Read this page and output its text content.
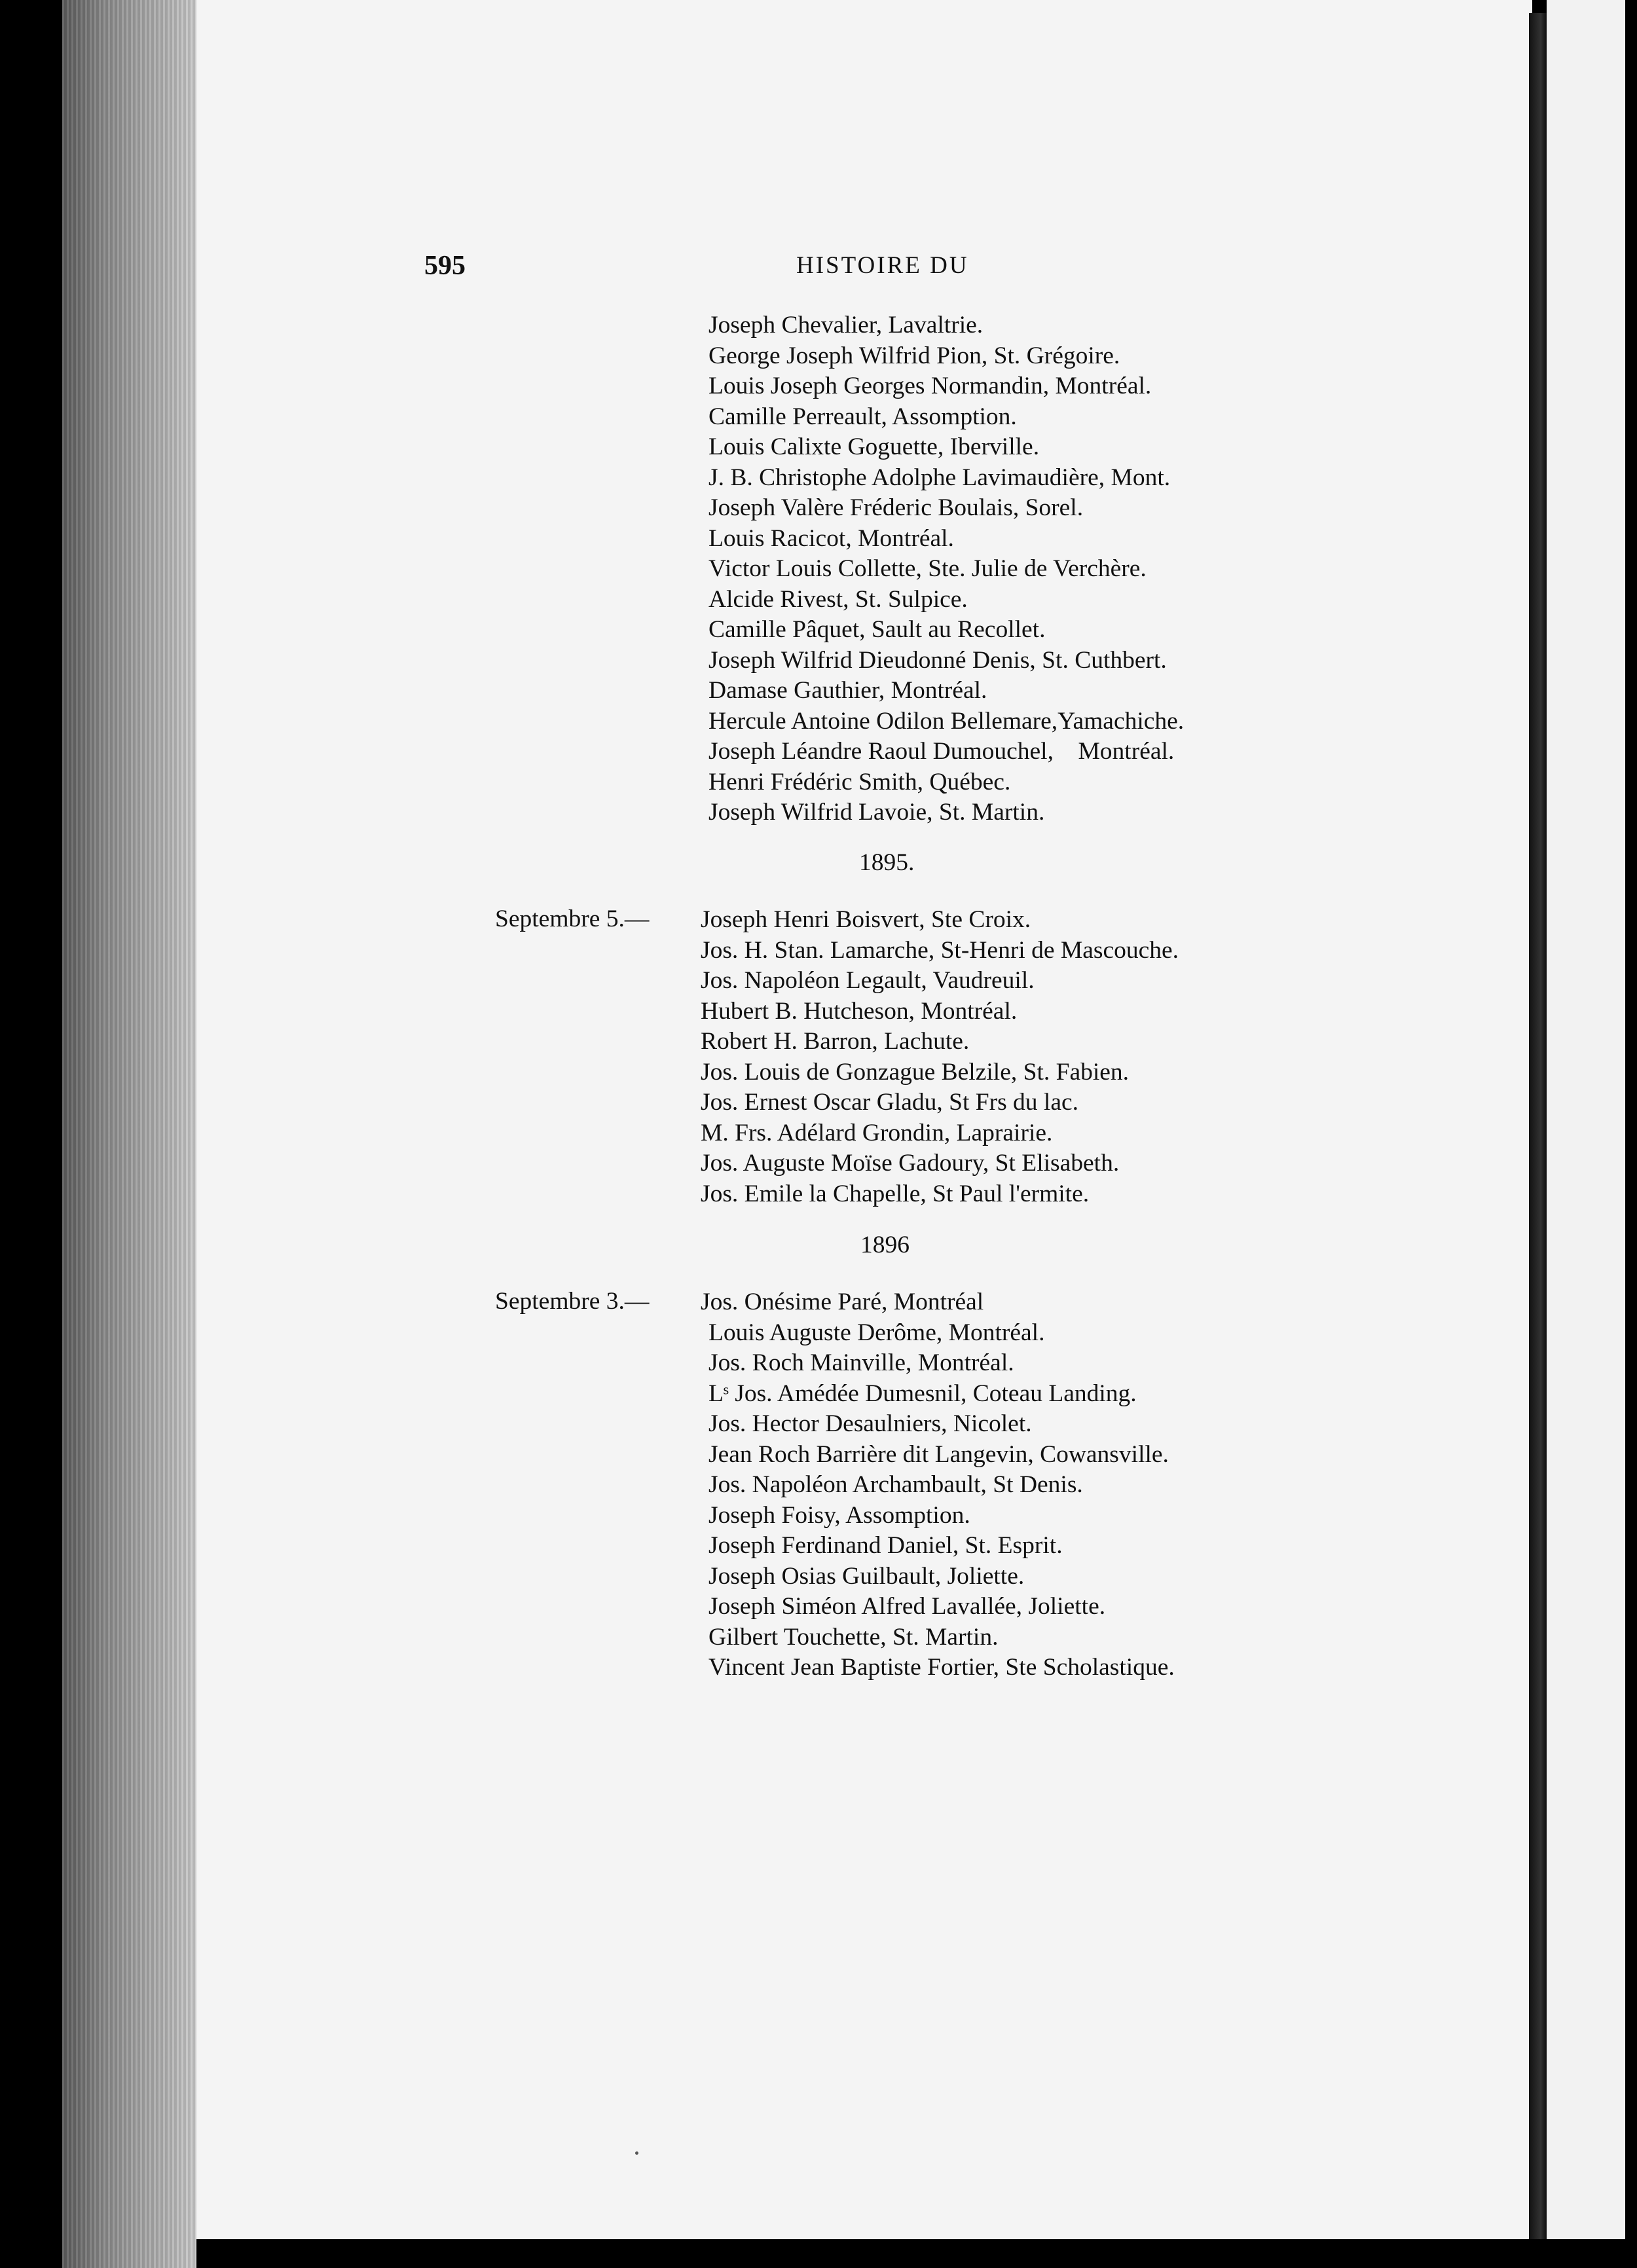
595	HISTOIRE DU
Joseph Chevalier, Lavaltrie.
George Joseph Wilfrid Pion, St. Grégoire.
Louis Joseph Georges Normandin, Montréal.
Camille Perreault, Assomption.
Louis Calixte Goguette, Iberville.
J. B. Christophe Adolphe Lavimaudière, Mont.
Joseph Valère Fréderic Boulais, Sorel.
Louis Racicot, Montréal.
Victor Louis Collette, Ste. Julie de Verchère.
Alcide Rivest, St. Sulpice.
Camille Pâquet, Sault au Recollet.
Joseph Wilfrid Dieudonné Denis, St. Cuthbert.
Damase Gauthier, Montréal.
Hercule Antoine Odilon Bellemare,Yamachiche.
Joseph Léandre Raoul Dumouchel,    Montréal.
Henri Frédéric Smith, Québec.
Joseph Wilfrid Lavoie, St. Martin.
1895.
Septembre 5.— Joseph Henri Boisvert, Ste Croix.
Jos. H. Stan. Lamarche, St-Henri de Mascouche.
Jos. Napoléon Legault, Vaudreuil.
Hubert B. Hutcheson, Montréal.
Robert H. Barron, Lachute.
Jos. Louis de Gonzague Belzile, St. Fabien.
Jos. Ernest Oscar Gladu, St Frs du lac.
M. Frs. Adélard Grondin, Laprairie.
Jos. Auguste Moïse Gadoury, St Elisabeth.
Jos. Emile la Chapelle, St Paul l'ermite.
1896
Septembre 3.— Jos. Onésime Paré, Montréal
Louis Auguste Derôme, Montréal.
Jos. Roch Mainville, Montréal.
Lˢ Jos. Amédée Dumesnil, Coteau Landing.
Jos. Hector Desaulniers, Nicolet.
Jean Roch Barrière dit Langevin, Cowansville.
Jos. Napoléon Archambault, St Denis.
Joseph Foisy, Assomption.
Joseph Ferdinand Daniel, St. Esprit.
Joseph Osias Guilbault, Joliette.
Joseph Siméon Alfred Lavallée, Joliette.
Gilbert Touchette, St. Martin.
Vincent Jean Baptiste Fortier, Ste Scholastique.
